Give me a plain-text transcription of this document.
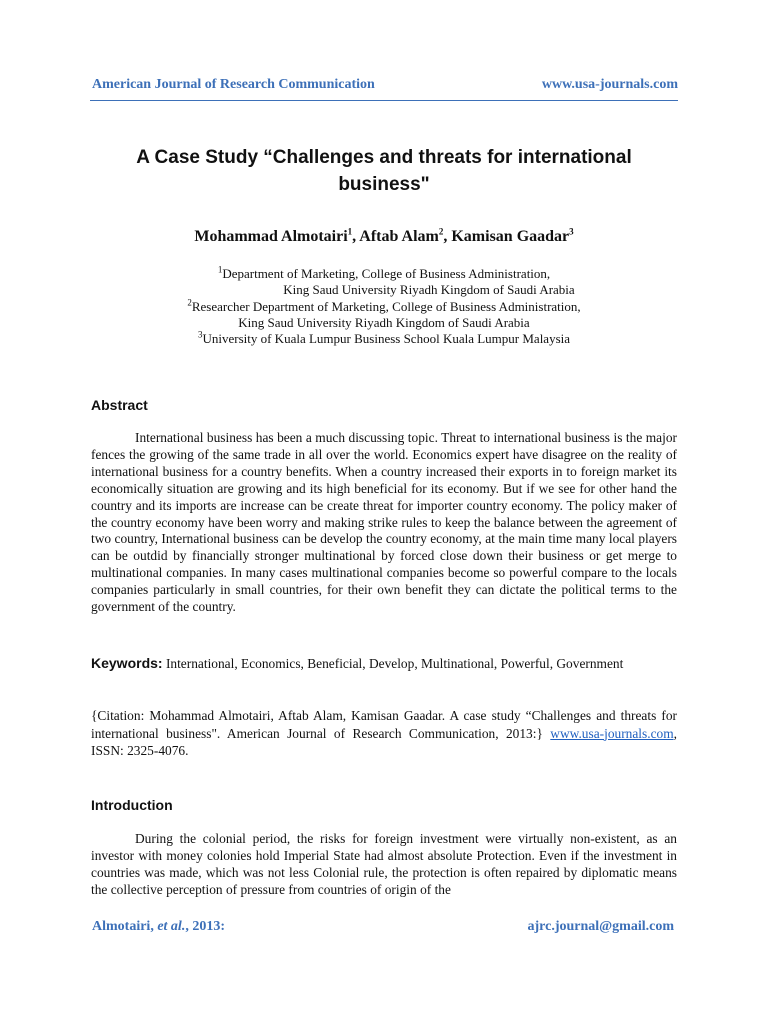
American Journal of Research Communication	www.usa-journals.com
A Case Study “Challenges and threats for international
business"
Mohammad Almotairi$^1$, Aftab Alam$^2$, Kamisan Gaadar$^3$
$^1$Department of Marketing, College of Business Administration,
King Saud University Riyadh Kingdom of Saudi Arabia
$^2$Researcher Department of Marketing, College of Business Administration,
King Saud University Riyadh Kingdom of Saudi Arabia
$^3$University of Kuala Lumpur Business School Kuala Lumpur Malaysia
Abstract

International business has been a much discussing topic. Threat to international business is the major fences the growing of the same trade in all over the world. Economics expert have disagree on the reality of international business for a country benefits. When a country increased their exports in to foreign market its economically situation are growing and its high beneficial for its economy. But if we see for other hand the country and its imports are increase can be create threat for importer country economy. The policy maker of the country economy have been worry and making strike rules to keep the balance between the agreement of two country, International business can be develop the country economy, at the main time many local players can be outdid by financially stronger multinational by forced close down their business or get merge to multinational companies. In many cases multinational companies become so powerful compare to the locals companies particularly in small countries, for their own benefit they can dictate the political terms to the government of the country.

Keywords: International, Economics, Beneficial, Develop, Multinational, Powerful, Government

{Citation: Mohammad Almotairi, Aftab Alam, Kamisan Gaadar. A case study “Challenges and threats for international business". American Journal of Research Communication, 2013:} www.usa-journals.com, ISSN: 2325-4076.

Introduction

During the colonial period, the risks for foreign investment were virtually non-existent, as an investor with money colonies hold Imperial State had almost absolute Protection. Even if the investment in countries was made, which was not less Colonial rule, the protection is often repaired by diplomatic means the collective perception of pressure from countries of origin of the

Almotairi, et al., 2013:	ajrc.journal@gmail.com
